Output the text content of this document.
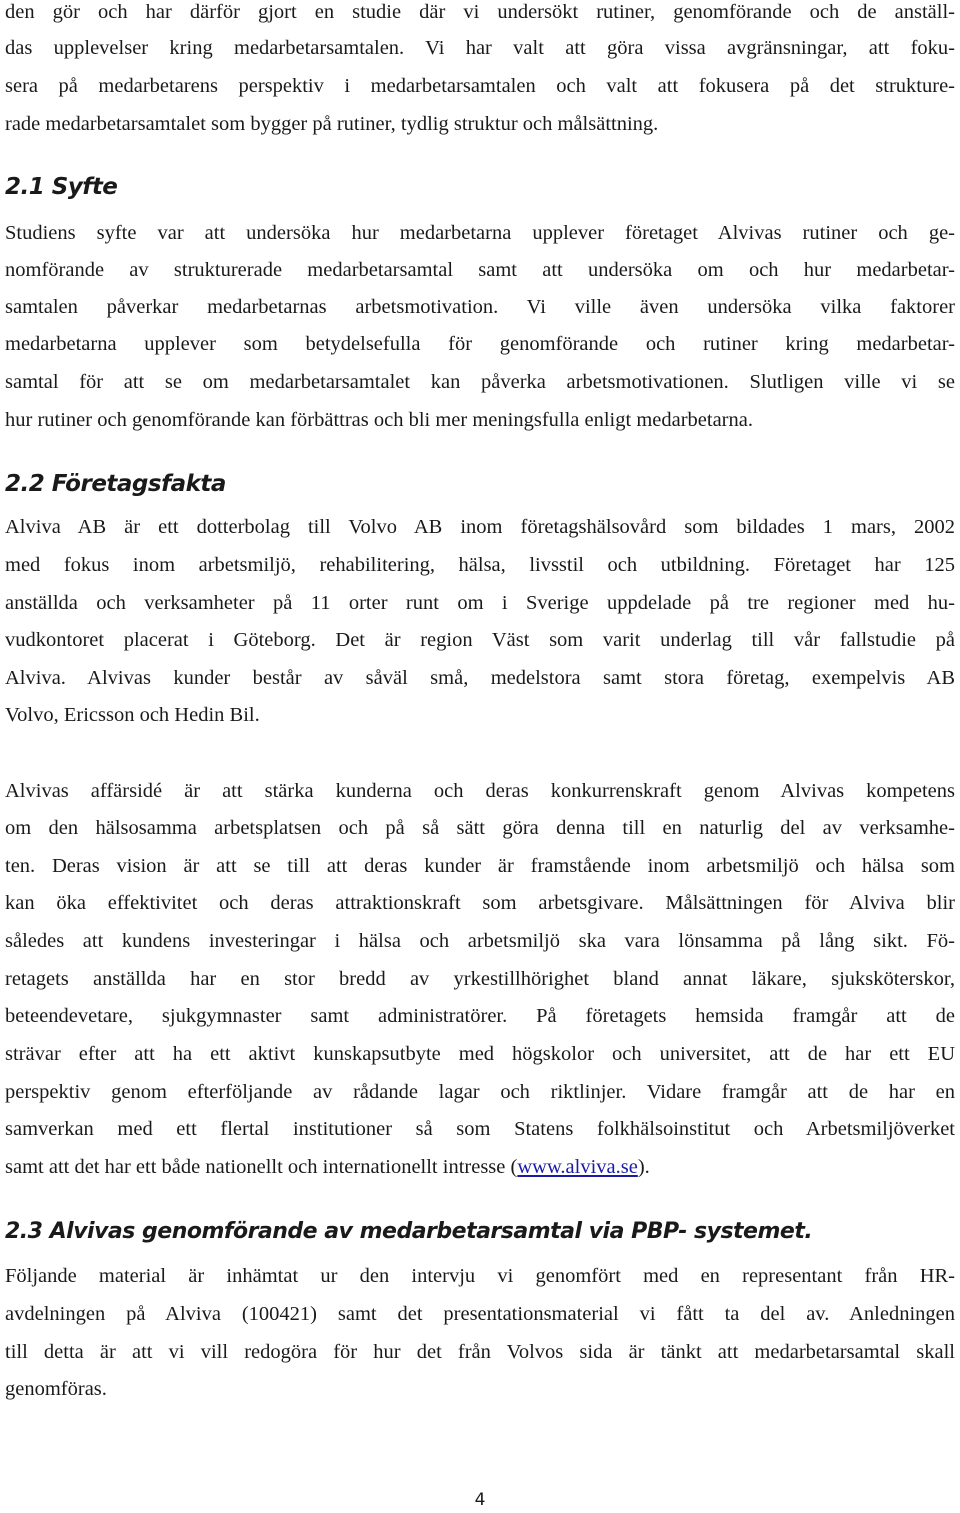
den gör och har därför gjort en studie där vi undersökt rutiner, genomförande och de anställ-
das upplevelser kring medarbetarsamtalen. Vi har valt att göra vissa avgränsningar, att foku-
sera på medarbetarens perspektiv i medarbetarsamtalen och valt att fokusera på det strukture-
rade medarbetarsamtalet som bygger på rutiner, tydlig struktur och målsättning.
2.1 Syfte
Studiens syfte var att undersöka hur medarbetarna upplever företaget Alvivas rutiner och ge-
nomförande av strukturerade medarbetarsamtal samt att undersöka om och hur medarbetar-
samtalen påverkar medarbetarnas arbetsmotivation. Vi ville även undersöka vilka faktorer
medarbetarna upplever som betydelsefulla för genomförande och rutiner kring medarbetar-
samtal för att se om medarbetarsamtalet kan påverka arbetsmotivationen. Slutligen ville vi se
hur rutiner och genomförande kan förbättras och bli mer meningsfulla enligt medarbetarna.
2.2 Företagsfakta
Alviva AB är ett dotterbolag till Volvo AB inom företagshälsovård som bildades 1 mars, 2002
med fokus inom arbetsmiljö, rehabilitering, hälsa, livsstil och utbildning. Företaget har 125
anställda och verksamheter på 11 orter runt om i Sverige uppdelade på tre regioner med hu-
vudkontoret placerat i Göteborg. Det är region Väst som varit underlag till vår fallstudie på
Alviva. Alvivas kunder består av såväl små, medelstora samt stora företag, exempelvis AB
Volvo, Ericsson och Hedin Bil.
Alvivas affärsidé är att stärka kunderna och deras konkurrenskraft genom Alvivas kompetens
om den hälsosamma arbetsplatsen och på så sätt göra denna till en naturlig del av verksamhe-
ten. Deras vision är att se till att deras kunder är framstående inom arbetsmiljö och hälsa som
kan öka effektivitet och deras attraktionskraft som arbetsgivare. Målsättningen för Alviva blir
således att kundens investeringar i hälsa och arbetsmiljö ska vara lönsamma på lång sikt. Fö-
retagets anställda har en stor bredd av yrkestillhörighet bland annat läkare, sjuksköterskor,
beteendevetare, sjukgymnaster samt administratörer. På företagets hemsida framgår att de
strävar efter att ha ett aktivt kunskapsutbyte med högskolor och universitet, att de har ett EU
perspektiv genom efterföljande av rådande lagar och riktlinjer. Vidare framgår att de har en
samverkan med ett flertal institutioner så som Statens folkhälsoinstitut och Arbetsmiljöverket
samt att det har ett både nationellt och internationellt intresse (www.alviva.se).
2.3 Alvivas genomförande av medarbetarsamtal via PBP- systemet.
Följande material är inhämtat ur den intervju vi genomfört med en representant från HR-
avdelningen på Alviva (100421) samt det presentationsmaterial vi fått ta del av. Anledningen
till detta är att vi vill redogöra för hur det från Volvos sida är tänkt att medarbetarsamtal skall
genomföras.
4
